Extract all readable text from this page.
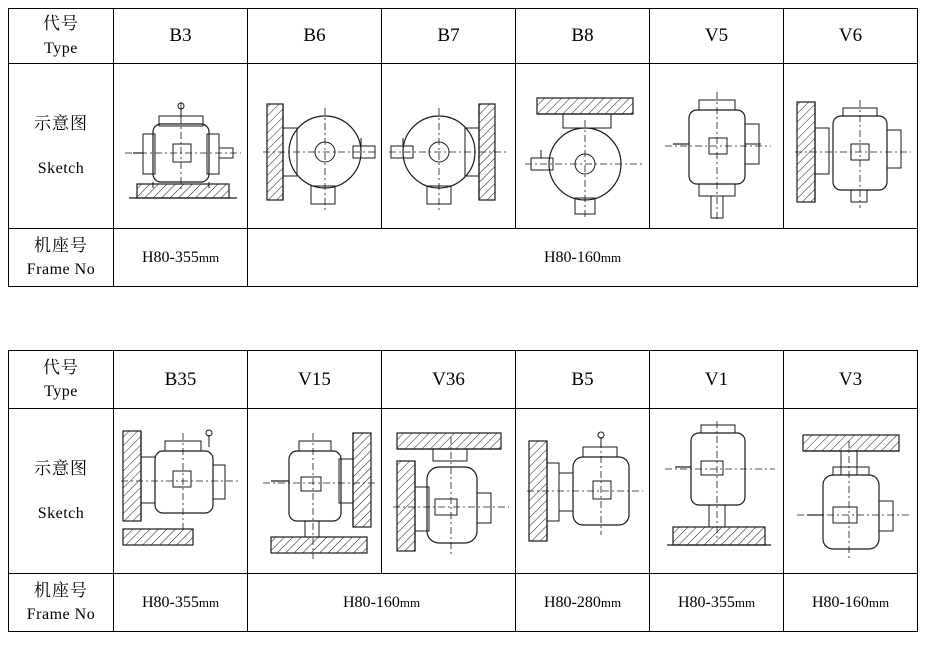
代号
Type	B3	B6	B7	B8	V5	V6

示意图
Sketch

机座号
Frame No	H80-355mm	H80-160mm				
代号
Type	B35	V15	V36	B5	V1	V3

示意图
Sketch

机座号
Frame No	H80-355mm	H80-160mm		H80-280mm	H80-355mm	H80-160mm
